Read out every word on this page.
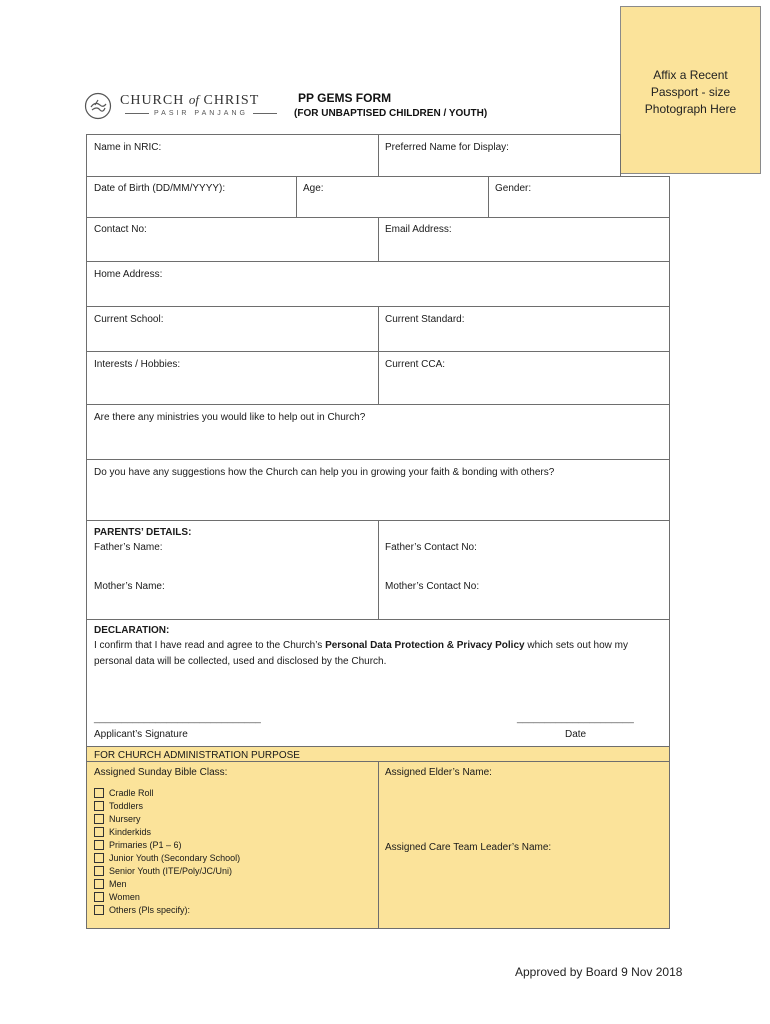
Affix a Recent
Passport - size
Photograph Here
CHURCH of CHRIST
PASIR PANJANG
PP GEMS FORM
(FOR UNBAPTISED CHILDREN / YOUTH)
Name in NRIC:	Preferred Name for Display:
Date of Birth (DD/MM/YYYY):	Age:	Gender:
Contact No:	Email Address:
Home Address:
Current School:	Current Standard:
Interests / Hobbies:	Current CCA:
Are there any ministries you would like to help out in Church?
Do you have any suggestions how the Church can help you in growing your faith & bonding with others?
PARENTS’ DETAILS:
Father’s Name:	Father’s Contact No:
Mother’s Name:	Mother’s Contact No:
DECLARATION:
I confirm that I have read and agree to the Church’s Personal Data Protection & Privacy Policy which sets out how my personal data will be collected, used and disclosed by the Church.
______________________________	_____________________
Applicant’s Signature	Date
FOR CHURCH ADMINISTRATION PURPOSE
Assigned Sunday Bible Class:	Assigned Elder’s Name:
Assigned Care Team Leader’s Name:
Cradle Roll
Toddlers
Nursery
Kinderkids
Primaries (P1 – 6)
Junior Youth (Secondary School)
Senior Youth (ITE/Poly/JC/Uni)
Men
Women
Others (Pls specify):
Approved by Board 9 Nov 2018
